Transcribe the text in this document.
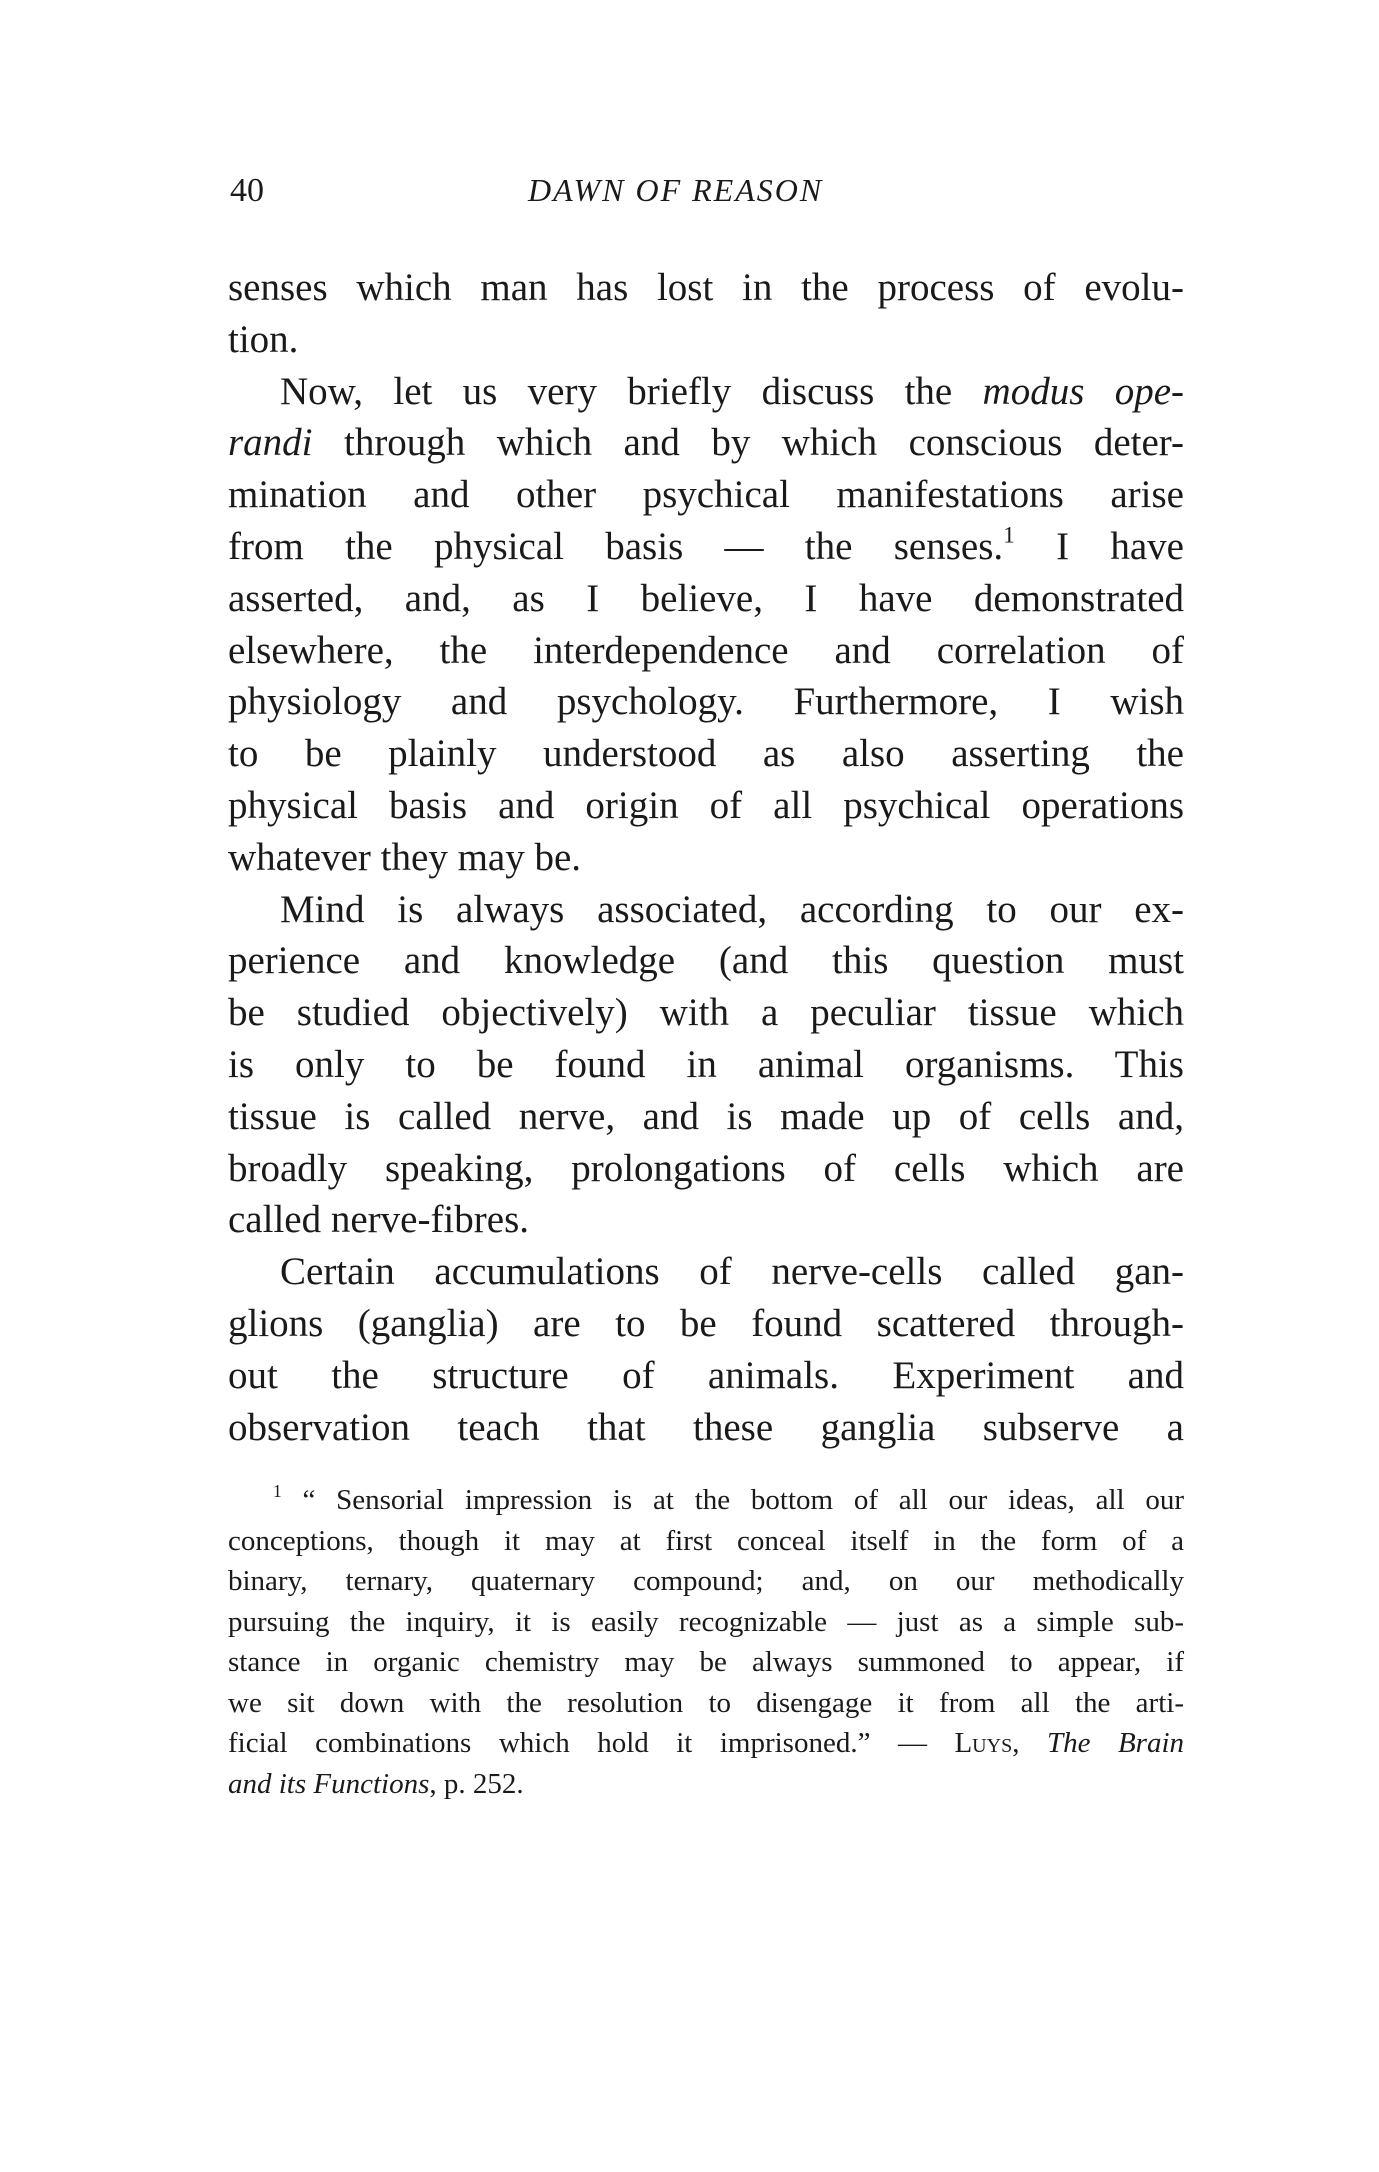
40	DAWN OF REASON
senses which man has lost in the process of evolu-
tion.
Now, let us very briefly discuss the modus ope-
randi through which and by which conscious deter-
mination and other psychical manifestations arise
from the physical basis — the senses.$^1$ I have
asserted, and, as I believe, I have demonstrated
elsewhere, the interdependence and correlation of
physiology and psychology. Furthermore, I wish
to be plainly understood as also asserting the
physical basis and origin of all psychical operations
whatever they may be.
Mind is always associated, according to our ex-
perience and knowledge (and this question must
be studied objectively) with a peculiar tissue which
is only to be found in animal organisms. This
tissue is called nerve, and is made up of cells and,
broadly speaking, prolongations of cells which are
called nerve-fibres.
Certain accumulations of nerve-cells called gan-
glions (ganglia) are to be found scattered through-
out the structure of animals. Experiment and
observation teach that these ganglia subserve a
$^1$ “ Sensorial impression is at the bottom of all our ideas, all our
conceptions, though it may at first conceal itself in the form of a
binary, ternary, quaternary compound; and, on our methodically
pursuing the inquiry, it is easily recognizable — just as a simple sub-
stance in organic chemistry may be always summoned to appear, if
we sit down with the resolution to disengage it from all the arti-
ficial combinations which hold it imprisoned.” — Luys, The Brain
and its Functions, p. 252.
